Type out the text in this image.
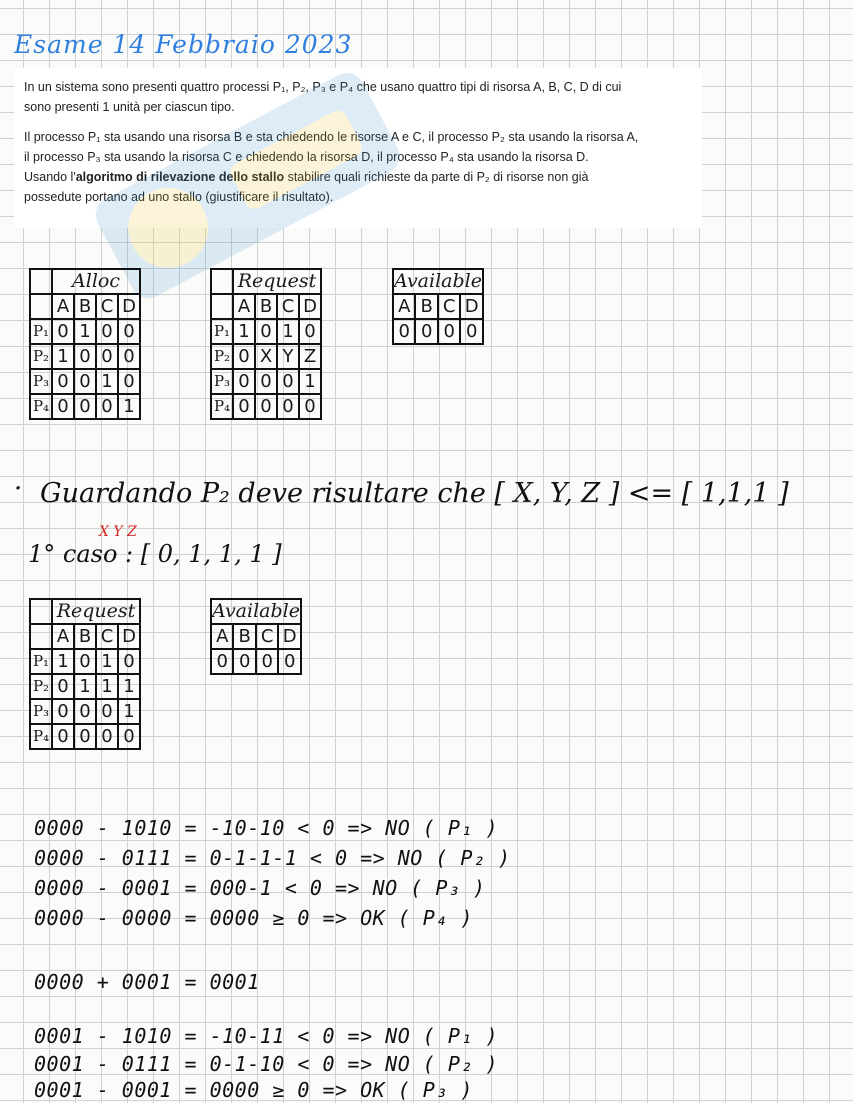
Esame 14 Febbraio 2023

In un sistema sono presenti quattro processi P₁, P₂, P₃ e P₄ che usano quattro tipi di risorsa A, B, C, D di cui
sono presenti 1 unità per ciascun tipo.

Il processo P₁ sta usando una risorsa B e sta chiedendo le risorse A e C, il processo P₂ sta usando la risorsa A,
il processo P₃ sta usando la risorsa C e chiedendo la risorsa D, il processo P₄ sta usando la risorsa D.
Usando l'algoritmo di rilevazione dello stallo stabilire quali richieste da parte di P₂ di risorse non già
possedute portano ad uno stallo (giustificare il risultato).

	Alloc			
	A	B	C	D
P₁	0	1	0	0
P₂	1	0	0	0
P₃	0	0	1	0
P₄	0	0	0	1
	Request			
	A	B	C	D
P₁	1	0	1	0
P₂	0	X	Y	Z
P₃	0	0	0	1
P₄	0	0	0	0
Available			
A	B	C	D
0	0	0	0

· Guardando P₂ deve risultare che [ X, Y, Z ] <= [ 1,1,1 ]

X Y Z

1° caso : [ 0, 1, 1, 1 ]

	Request			
	A	B	C	D
P₁	1	0	1	0
P₂	0	1	1	1
P₃	0	0	0	1
P₄	0	0	0	0
Available			
A	B	C	D
0	0	0	0

0000 - 1010 = -10-10 < 0 => NO ( P₁ )

0000 - 0111 = 0-1-1-1 < 0 => NO ( P₂ )

0000 - 0001 = 000-1 < 0 => NO ( P₃ )

0000 - 0000 = 0000 ≥ 0 => OK ( P₄ )

0000 + 0001 = 0001

0001 - 1010 = -10-11 < 0 => NO ( P₁ )

0001 - 0111 = 0-1-10 < 0 => NO ( P₂ )

0001 - 0001 = 0000 ≥ 0 => OK ( P₃ )
